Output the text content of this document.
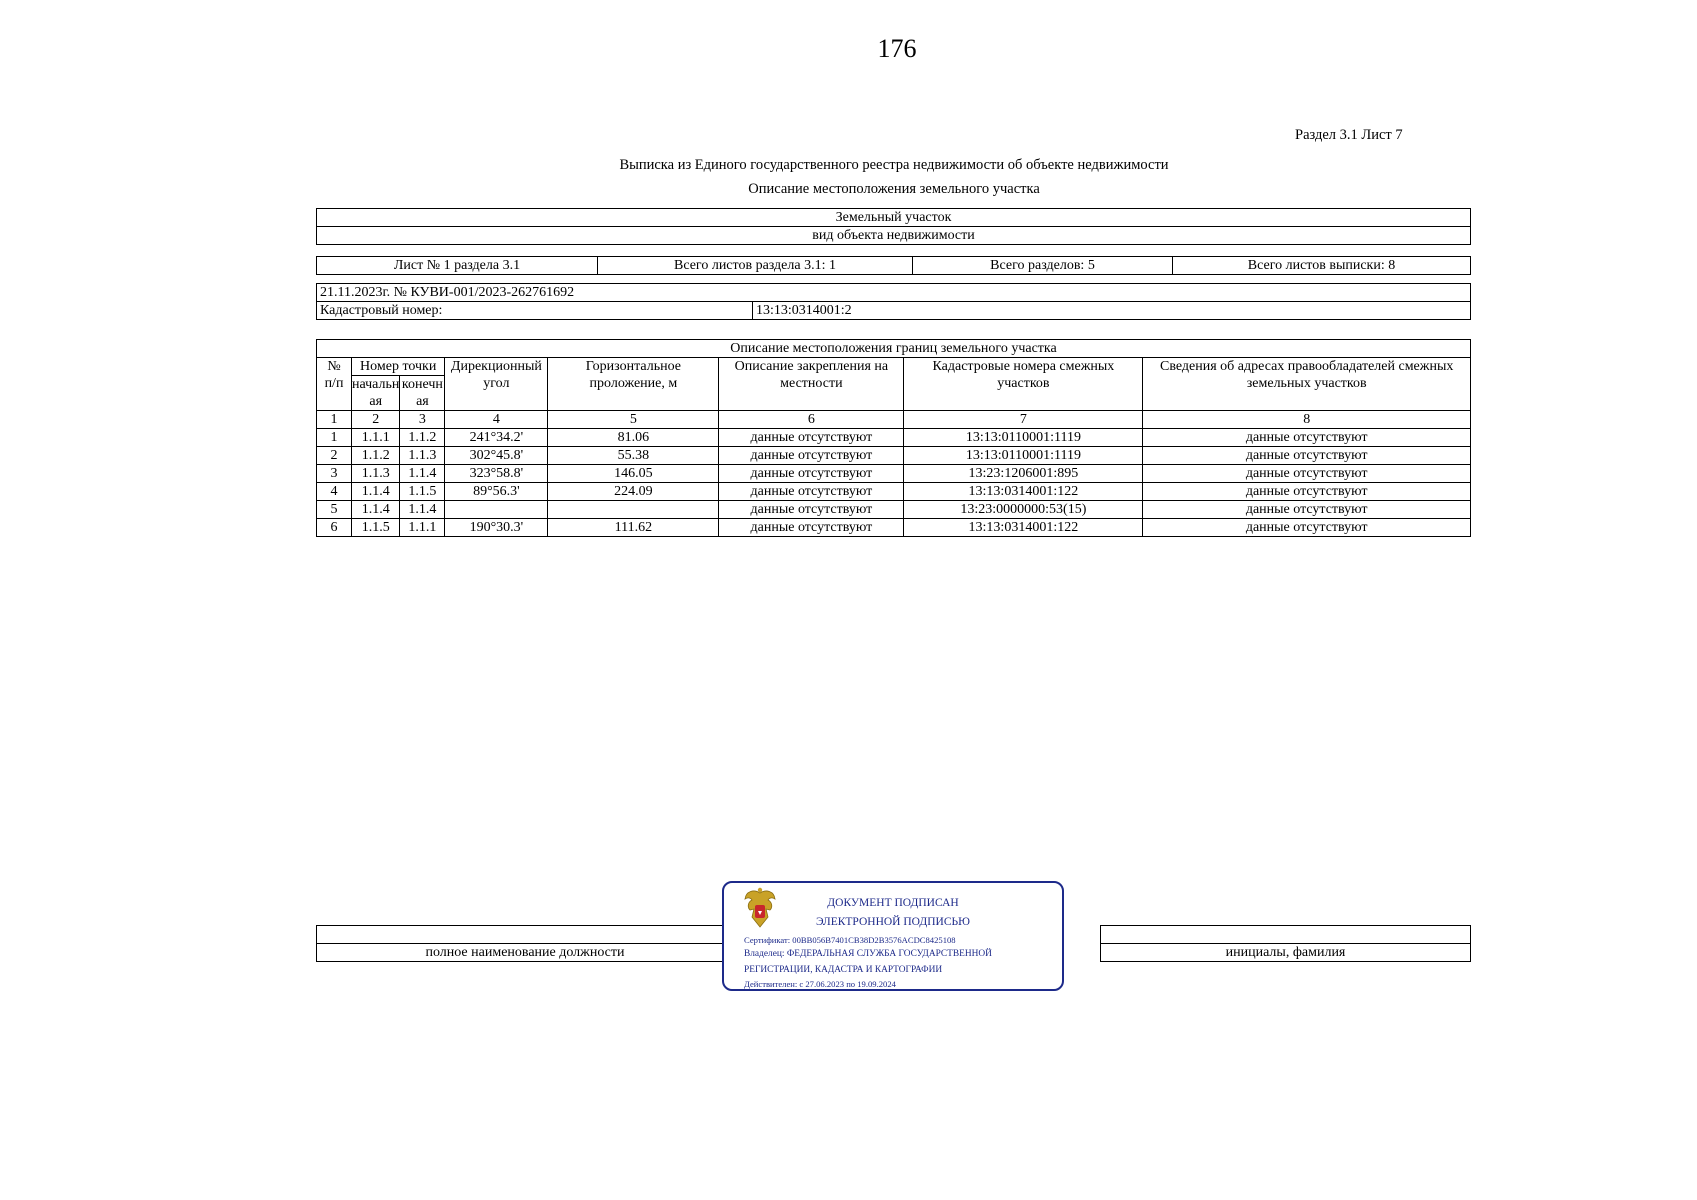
176
Раздел 3.1 Лист 7
Выписка из Единого государственного реестра недвижимости об объекте недвижимости
Описание местоположения земельного участка
Земельный участок
вид объекта недвижимости
Лист № 1 раздела 3.1	Всего листов раздела 3.1: 1	Всего разделов: 5	Всего листов выписки: 8
21.11.2023г. № КУВИ-001/2023-262761692
Кадастровый номер:	13:13:0314001:2
Описание местоположения границ земельного участка							

№
п/п	Номер точки		Дирекционный угол	Горизонтальное проложение, м	Описание закрепления на местности	Кадастровые номера смежных участков	Сведения об адресах правообладателей смежных земельных участков
	начальн ая	конечн ая					
1	2	3	4	5	6	7	8
1	1.1.1	1.1.2	241°34.2'	81.06	данные отсутствуют	13:13:0110001:1119	данные отсутствуют
2	1.1.2	1.1.3	302°45.8'	55.38	данные отсутствуют	13:13:0110001:1119	данные отсутствуют
3	1.1.3	1.1.4	323°58.8'	146.05	данные отсутствуют	13:23:1206001:895	данные отсутствуют
4	1.1.4	1.1.5	89°56.3'	224.09	данные отсутствуют	13:13:0314001:122	данные отсутствуют
5	1.1.4	1.1.4			данные отсутствуют	13:23:0000000:53(15)	данные отсутствуют
6	1.1.5	1.1.1	190°30.3'	111.62	данные отсутствуют	13:13:0314001:122	данные отсутствуют

полное наименование должности		инициалы, фамилия
ДОКУМЕНТ ПОДПИСАН
ЭЛЕКТРОННОЙ ПОДПИСЬЮ
Сертификат: 00BB056B7401CB38D2B3576ACDC8425108
Владелец: ФЕДЕРАЛЬНАЯ СЛУЖБА ГОСУДАРСТВЕННОЙ
РЕГИСТРАЦИИ, КАДАСТРА И КАРТОГРАФИИ
Действителен: с 27.06.2023 по 19.09.2024
